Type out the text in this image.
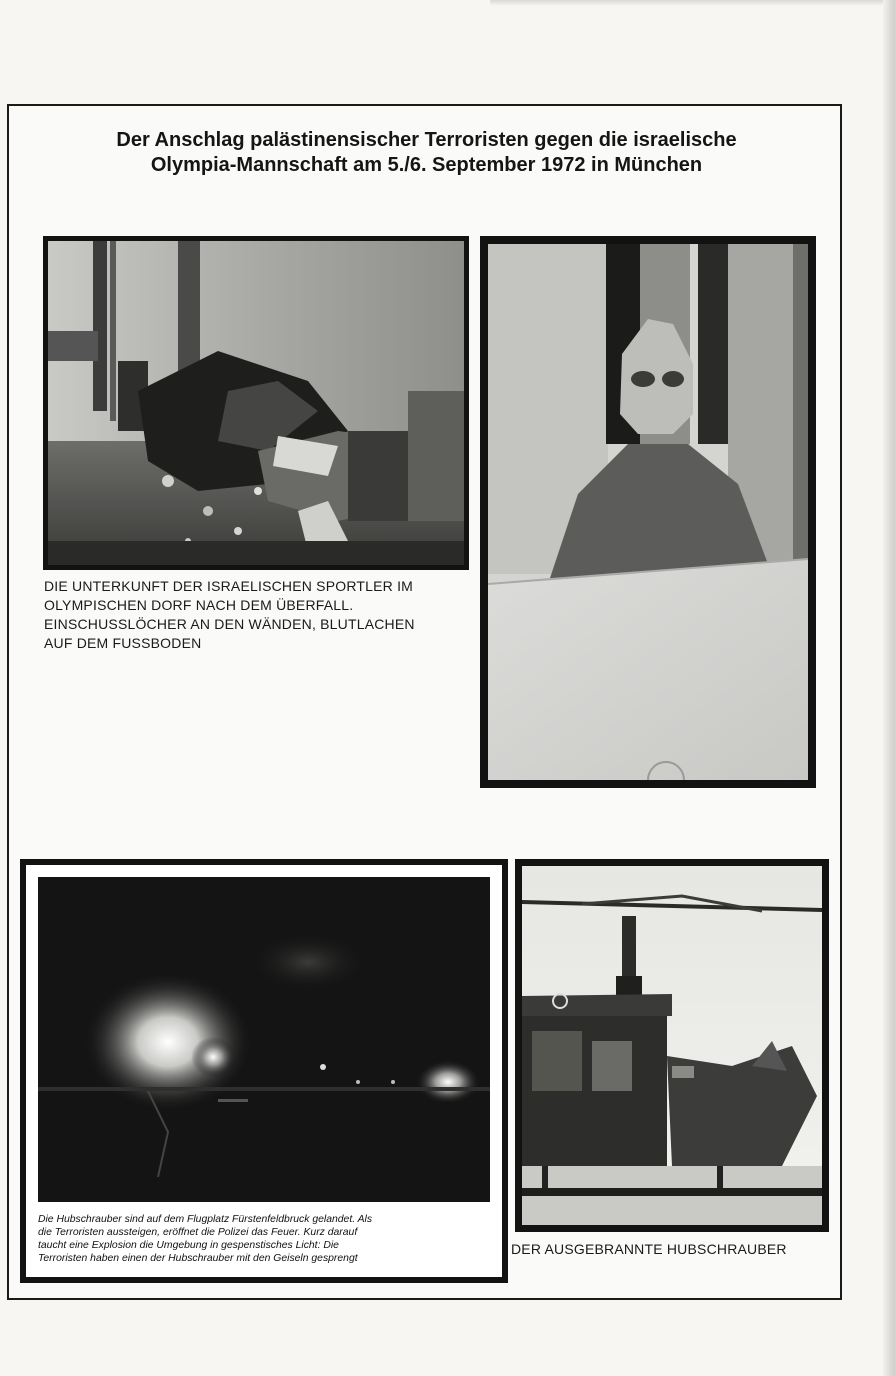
Der Anschlag palästinensischer Terroristen gegen die israelische
Olympia-Mannschaft am 5./6. September 1972 in München
DIE UNTERKUNFT DER ISRAELISCHEN SPORTLER IM
OLYMPISCHEN DORF NACH DEM ÜBERFALL.
EINSCHUSSLÖCHER AN DEN WÄNDEN, BLUTLACHEN
AUF DEM FUSSBODEN
Die Hubschrauber sind auf dem Flugplatz Fürstenfeldbruck gelandet. Als
die Terroristen aussteigen, eröffnet die Polizei das Feuer. Kurz darauf
taucht eine Explosion die Umgebung in gespenstisches Licht: Die
Terroristen haben einen der Hubschrauber mit den Geiseln gesprengt
DER AUSGEBRANNTE HUBSCHRAUBER
